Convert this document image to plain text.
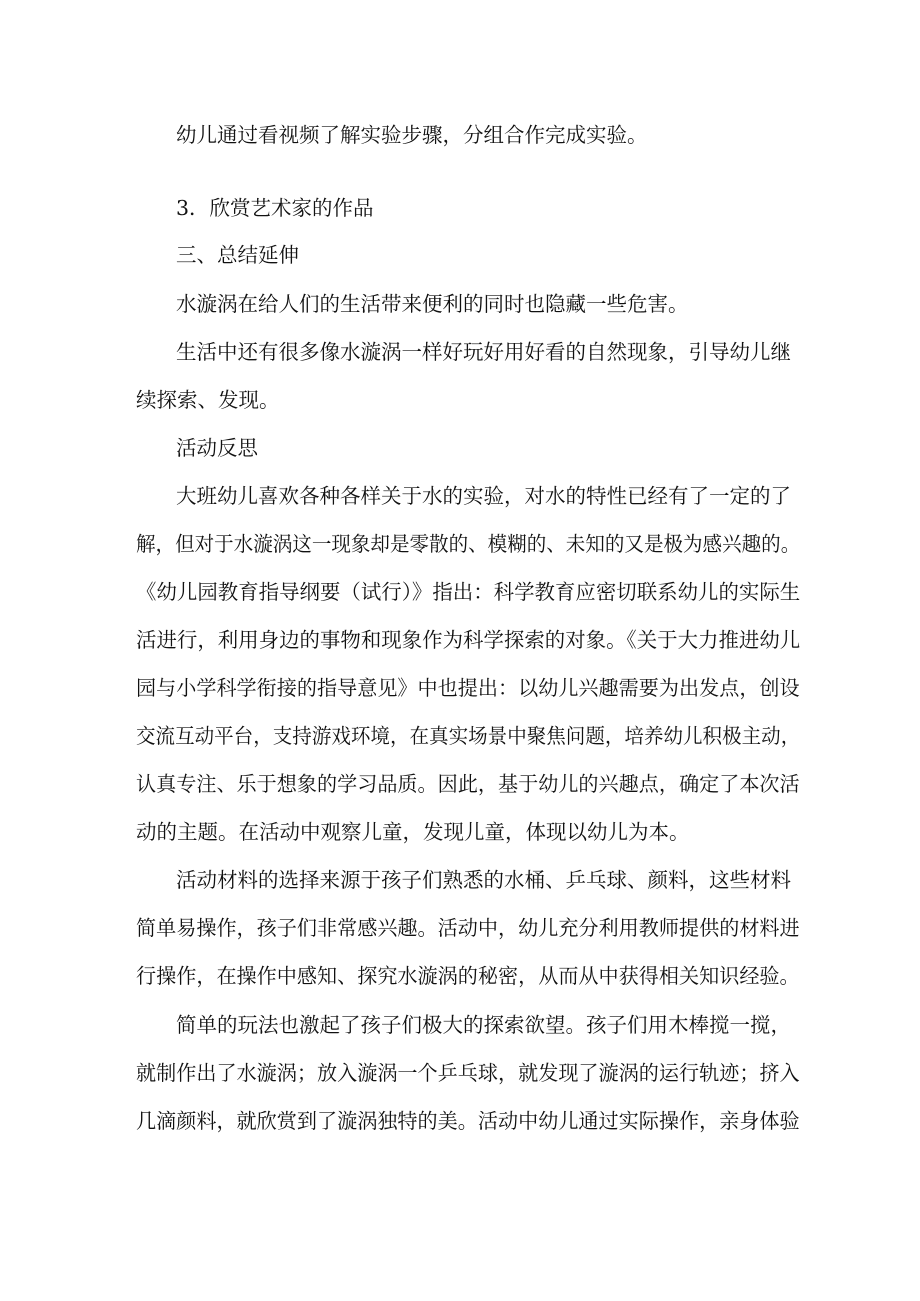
幼儿通过看视频了解实验步骤，分组合作完成实验。

3．欣赏艺术家的作品

三、总结延伸

水漩涡在给人们的生活带来便利的同时也隐藏一些危害。

生活中还有很多像水漩涡一样好玩好用好看的自然现象，引导幼儿继

续探索、发现。

活动反思

大班幼儿喜欢各种各样关于水的实验，对水的特性已经有了一定的了

解，但对于水漩涡这一现象却是零散的、模糊的、未知的又是极为感兴趣的。

《幼儿园教育指导纲要（试行）》指出：科学教育应密切联系幼儿的实际生

活进行，利用身边的事物和现象作为科学探索的对象。《关于大力推进幼儿

园与小学科学衔接的指导意见》中也提出：以幼儿兴趣需要为出发点，创设

交流互动平台，支持游戏环境，在真实场景中聚焦问题，培养幼儿积极主动，

认真专注、乐于想象的学习品质。因此，基于幼儿的兴趣点，确定了本次活

动的主题。在活动中观察儿童，发现儿童，体现以幼儿为本。

活动材料的选择来源于孩子们熟悉的水桶、乒乓球、颜料，这些材料

简单易操作，孩子们非常感兴趣。活动中，幼儿充分利用教师提供的材料进

行操作，在操作中感知、探究水漩涡的秘密，从而从中获得相关知识经验。

简单的玩法也激起了孩子们极大的探索欲望。孩子们用木棒搅一搅，

就制作出了水漩涡；放入漩涡一个乒乓球，就发现了漩涡的运行轨迹；挤入

几滴颜料，就欣赏到了漩涡独特的美。活动中幼儿通过实际操作，亲身体验
